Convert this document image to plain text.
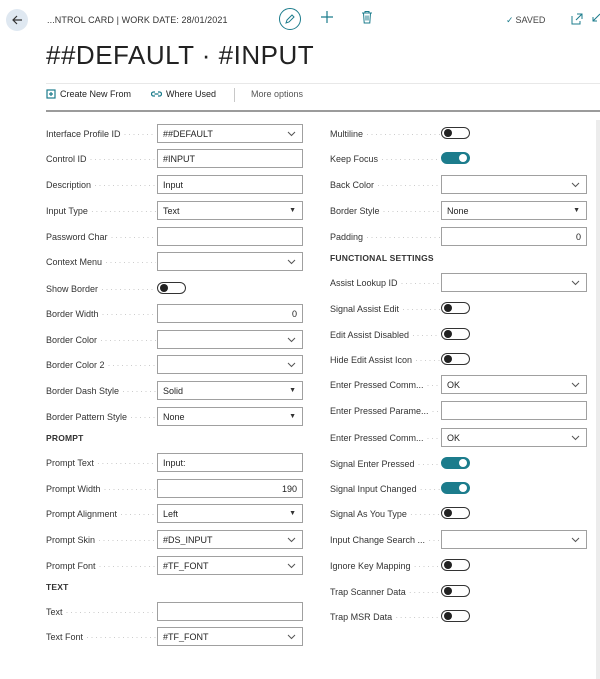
...NTROL CARD | WORK DATE: 28/01/2021	✓ SAVED
##DEFAULT · #INPUT
Create New From	Where Used	More options
Interface Profile ID
· · ·	##DEFAULT
Control ID
· · ·	#INPUT
Description
· · ·	Input
Input Type
· · ·	Text	▼
Password Char
· · ·
Context Menu
· · ·
Show Border
· · ·
Border Width
· · ·	0
Border Color
· · ·
Border Color 2
· · ·
Border Dash Style
· · ·	Solid	▼
Border Pattern Style
· · ·	None	▼
PROMPT
Prompt Text
· · ·	Input:
Prompt Width
· · ·	190
Prompt Alignment
· · ·	Left	▼
Prompt Skin
· · ·	#DS_INPUT
Prompt Font
· · ·	#TF_FONT
TEXT
Text
· · ·
Text Font
· · ·	#TF_FONT
Multiline
· · ·
Keep Focus
· · ·
Back Color
· · ·
Border Style
· · ·	None	▼
Padding
· · ·	0
FUNCTIONAL SETTINGS
Assist Lookup ID
· · ·
Signal Assist Edit
· · ·
Edit Assist Disabled
· · ·
Hide Edit Assist Icon
· · ·
Enter Pressed Comm...
· · ·	OK
Enter Pressed Parame...
· · ·
Enter Pressed Comm...
· · ·	OK
Signal Enter Pressed
· · ·
Signal Input Changed
· · ·
Signal As You Type
· · ·
Input Change Search ...
· · ·
Ignore Key Mapping
· · ·
Trap Scanner Data
· · ·
Trap MSR Data
· · ·
